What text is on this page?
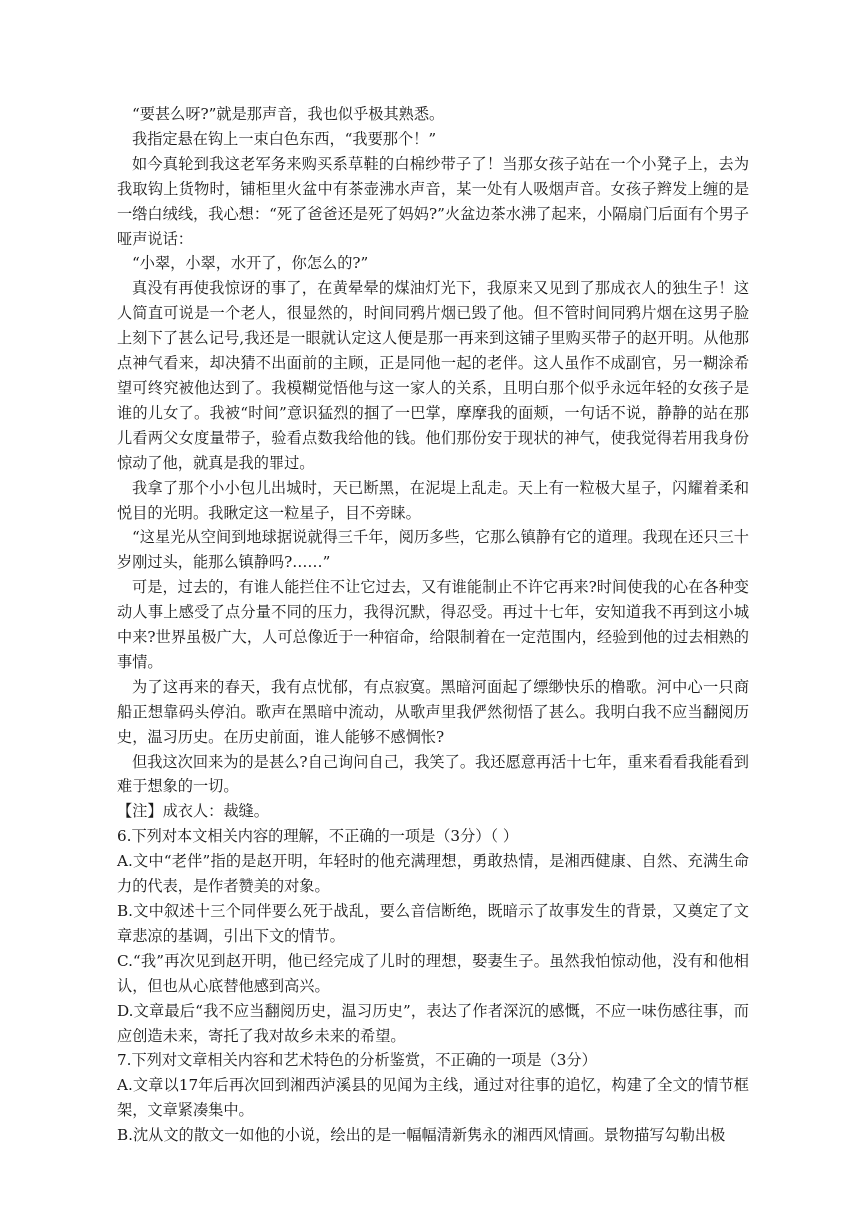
“要甚么呀?”就是那声音，我也似乎极其熟悉。

我指定悬在钩上一束白色东西，“我要那个！”

如今真轮到我这老军务来购买系草鞋的白棉纱带子了！当那女孩子站在一个小凳子上，去为我取钩上货物时，铺柜里火盆中有茶壶沸水声音，某一处有人吸烟声音。女孩子辫发上缠的是一绺白绒线，我心想：“死了爸爸还是死了妈妈?”火盆边茶水沸了起来，小隔扇门后面有个男子哑声说话：

“小翠，小翠，水开了，你怎么的?”

真没有再使我惊讶的事了，在黄晕晕的煤油灯光下，我原来又见到了那成衣人的独生子！这人简直可说是一个老人，很显然的，时间同鸦片烟已毁了他。但不管时间同鸦片烟在这男子脸上刻下了甚么记号,我还是一眼就认定这人便是那一再来到这铺子里购买带子的赵开明。从他那点神气看来，却决猜不出面前的主顾，正是同他一起的老伴。这人虽作不成副官，另一糊涂希望可终究被他达到了。我模糊觉悟他与这一家人的关系，且明白那个似乎永远年轻的女孩子是谁的儿女了。我被“时间”意识猛烈的掴了一巴掌，摩摩我的面颊，一句话不说，静静的站在那儿看两父女度量带子，验看点数我给他的钱。他们那份安于现状的神气，使我觉得若用我身份惊动了他，就真是我的罪过。

我拿了那个小小包儿出城时，天已断黑，在泥堤上乱走。天上有一粒极大星子，闪耀着柔和悦目的光明。我瞅定这一粒星子，目不旁睐。

“这星光从空间到地球据说就得三千年，阅历多些，它那么镇静有它的道理。我现在还只三十岁刚过头，能那么镇静吗?……”

可是，过去的，有谁人能拦住不让它过去，又有谁能制止不许它再来?时间使我的心在各种变动人事上感受了点分量不同的压力，我得沉默，得忍受。再过十七年，安知道我不再到这小城中来?世界虽极广大，人可总像近于一种宿命，给限制着在一定范围内，经验到他的过去相熟的事情。

为了这再来的春天，我有点忧郁，有点寂寞。黑暗河面起了缥缈快乐的橹歌。河中心一只商船正想靠码头停泊。歌声在黑暗中流动，从歌声里我俨然彻悟了甚么。我明白我不应当翻阅历史，温习历史。在历史前面，谁人能够不感惆怅?

但我这次回来为的是甚么?自己询问自己，我笑了。我还愿意再活十七年，重来看看我能看到难于想象的一切。

【注】成衣人：裁缝。

6.下列对本文相关内容的理解，不正确的一项是（3分）（ ）

A.文中“老伴”指的是赵开明，年轻时的他充满理想，勇敢热情，是湘西健康、自然、充满生命力的代表，是作者赞美的对象。

B.文中叙述十三个同伴要么死于战乱，要么音信断绝，既暗示了故事发生的背景，又奠定了文章悲凉的基调，引出下文的情节。

C.“我”再次见到赵开明，他已经完成了儿时的理想，娶妻生子。虽然我怕惊动他，没有和他相认，但也从心底替他感到高兴。

D.文章最后“我不应当翻阅历史，温习历史”，表达了作者深沉的感慨，不应一味伤感往事，而应创造未来，寄托了我对故乡未来的希望。

7.下列对文章相关内容和艺术特色的分析鉴赏，不正确的一项是（3分）

A.文章以17年后再次回到湘西泸溪县的见闻为主线，通过对往事的追忆，构建了全文的情节框架，文章紧凑集中。

B.沈从文的散文一如他的小说，绘出的是一幅幅清新隽永的湘西风情画。景物描写勾勒出极
